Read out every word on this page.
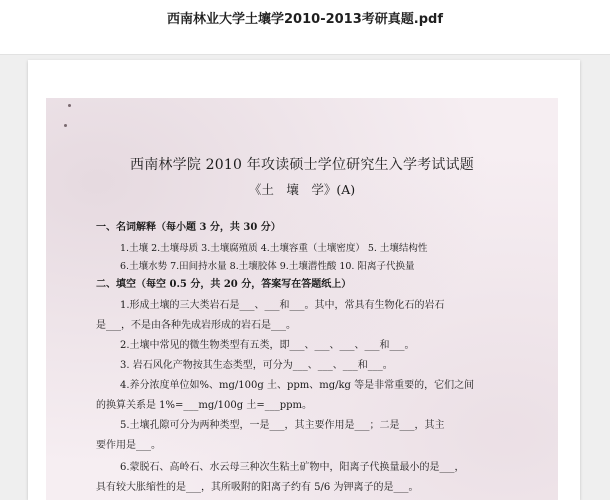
西南林业大学土壤学2010-2013考研真题.pdf
西南林学院 2010 年攻读硕士学位研究生入学考试试题
《土　壤　学》(A)
一、名词解释（每小题 3 分，共 30 分）
1.土壤 2.土壤母质 3.土壤腐殖质 4.土壤容重（土壤密度） 5. 土壤结构性
6.土壤水势 7.田间持水量 8.土壤胶体 9.土壤潜性酸 10. 阳离子代换量
二、填空（每空 0.5 分，共 20 分，答案写在答题纸上）
1.形成土壤的三大类岩石是___、___和___。其中，常具有生物化石的岩石
是___，不是由各种先成岩形成的岩石是___。
2.土壤中常见的微生物类型有五类，即___、___、___、___和___。
3. 岩石风化产物按其生态类型，可分为___、___、___和___。
4.养分浓度单位如%、mg/100g 土、ppm、mg/kg 等是非常重要的，它们之间
的换算关系是 1%=___mg/100g 土=___ppm。
5.土壤孔隙可分为两种类型，一是___，其主要作用是___；二是___，其主
要作用是___。
6.蒙脱石、高岭石、水云母三种次生粘土矿物中，阳离子代换量最小的是___，
具有较大胀缩性的是___，其所吸附的阳离子约有 5/6 为钾离子的是___。
